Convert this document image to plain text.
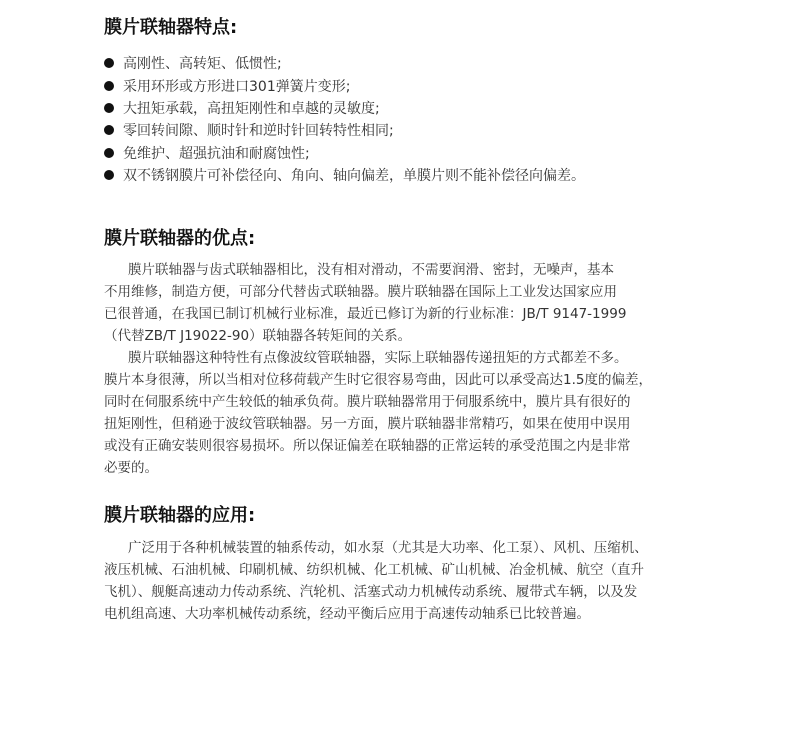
膜片联轴器特点:
高刚性、高转矩、低惯性;
采用环形或方形进口301弹簧片变形;
大扭矩承载，高扭矩刚性和卓越的灵敏度;
零回转间隙、顺时针和逆时针回转特性相同;
免维护、超强抗油和耐腐蚀性;
双不锈钢膜片可补偿径向、角向、轴向偏差，单膜片则不能补偿径向偏差。
膜片联轴器的优点:
膜片联轴器与齿式联轴器相比，没有相对滑动，不需要润滑、密封，无噪声，基本
不用维修，制造方便，可部分代替齿式联轴器。膜片联轴器在国际上工业发达国家应用
已很普通，在我国已制订机械行业标准，最近已修订为新的行业标准：JB/T 9147-1999
（代替ZB/T J19022-90）联轴器各转矩间的关系。
膜片联轴器这种特性有点像波纹管联轴器，实际上联轴器传递扭矩的方式都差不多。
膜片本身很薄，所以当相对位移荷载产生时它很容易弯曲，因此可以承受高达1.5度的偏差，
同时在伺服系统中产生较低的轴承负荷。膜片联轴器常用于伺服系统中，膜片具有很好的
扭矩刚性，但稍逊于波纹管联轴器。另一方面，膜片联轴器非常精巧，如果在使用中误用
或没有正确安装则很容易损坏。所以保证偏差在联轴器的正常运转的承受范围之内是非常
必要的。
膜片联轴器的应用:
广泛用于各种机械装置的轴系传动，如水泵（尤其是大功率、化工泵）、风机、压缩机、
液压机械、石油机械、印刷机械、纺织机械、化工机械、矿山机械、冶金机械、航空（直升
飞机）、舰艇高速动力传动系统、汽轮机、活塞式动力机械传动系统、履带式车辆，以及发
电机组高速、大功率机械传动系统，经动平衡后应用于高速传动轴系已比较普遍。
